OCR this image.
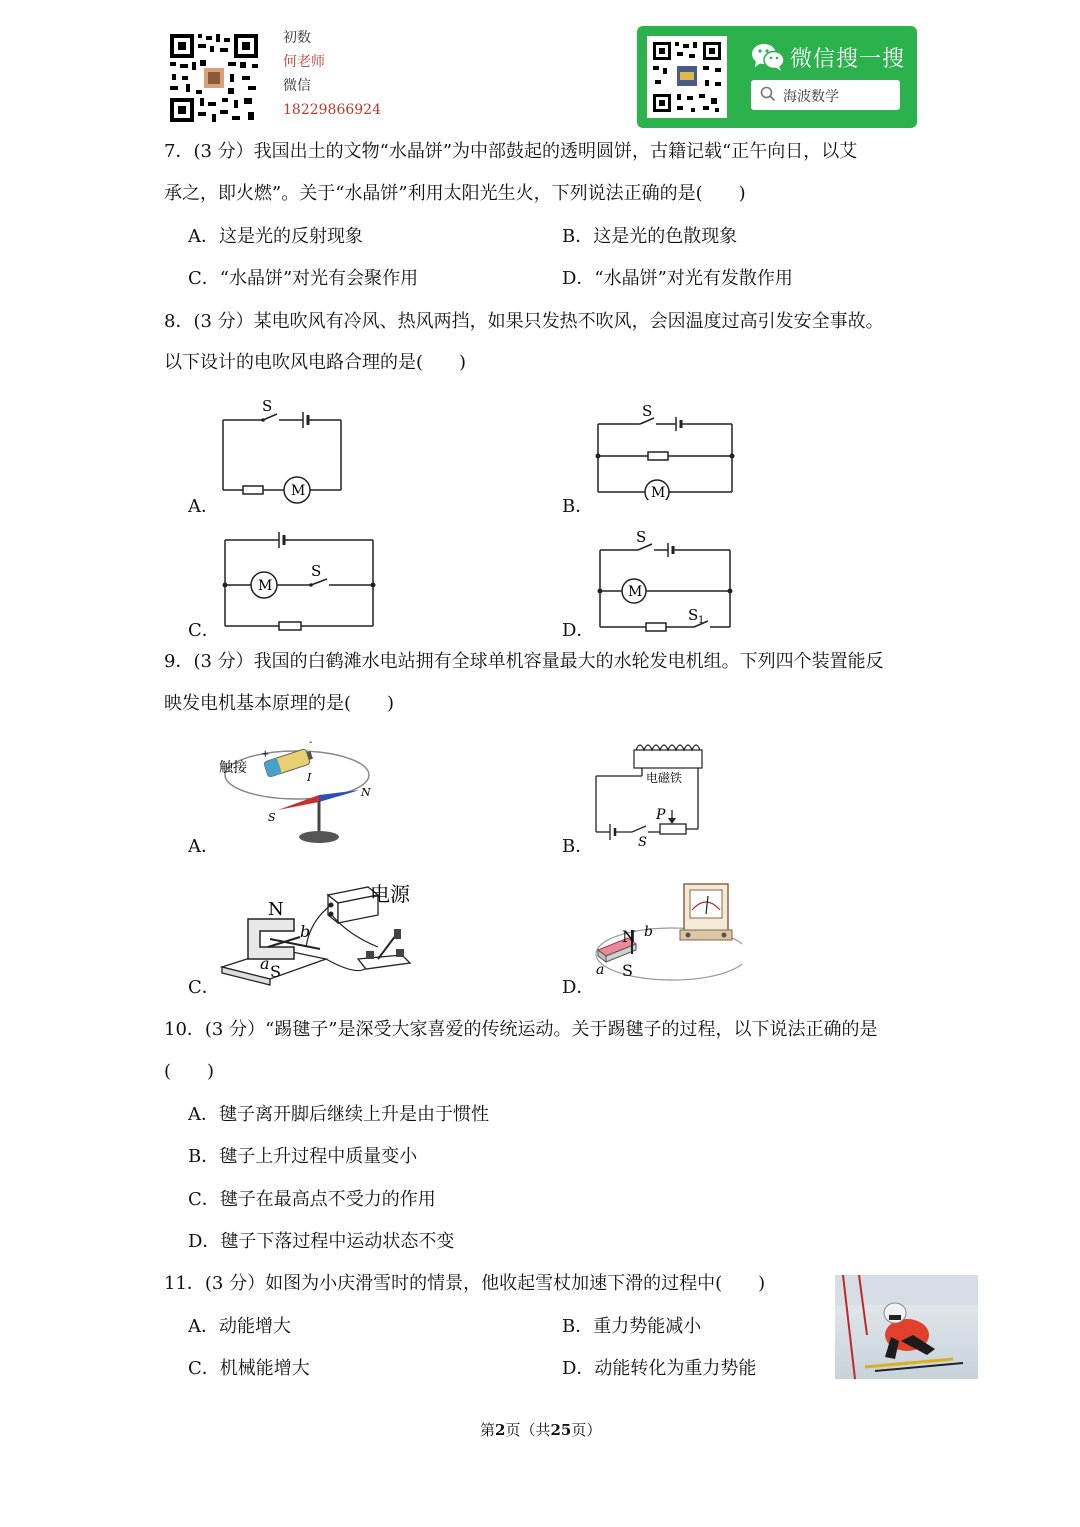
初数
何老师
微信
18229866924
微信搜一搜
海波数学
7．(3 分）我国出土的文物“水晶饼”为中部鼓起的透明圆饼，古籍记载“正午向日，以艾
承之，即火燃”。关于“水晶饼”利用太阳光生火，下列说法正确的是(　　)
A．这是光的反射现象	B．这是光的色散现象
C．“水晶饼”对光有会聚作用	D．“水晶饼”对光有发散作用
8．(3 分）某电吹风有冷风、热风两挡，如果只发热不吹风，会因温度过高引发安全事故。
以下设计的电吹风电路合理的是(　　)
A．
S
M
B．
S
M
C．
S
M
D．
S
M
S 1
9．(3 分）我国的白鹤滩水电站拥有全球单机容量最大的水轮发电机组。下列四个装置能反
映发电机基本原理的是(　　)
A．
触接
+
-
I
N
S
B．
电磁铁
P
S
C．
电源
N
b
a S
D．
N b
a S
10．(3 分）“踢毽子”是深受大家喜爱的传统运动。关于踢毽子的过程，以下说法正确的是
(　　)
A．毽子离开脚后继续上升是由于惯性
B．毽子上升过程中质量变小
C．毽子在最高点不受力的作用
D．毽子下落过程中运动状态不变
11．(3 分）如图为小庆滑雪时的情景，他收起雪杖加速下滑的过程中(　　)
A．动能增大	B．重力势能减小
C．机械能增大	D．动能转化为重力势能
第2页（共25页）
